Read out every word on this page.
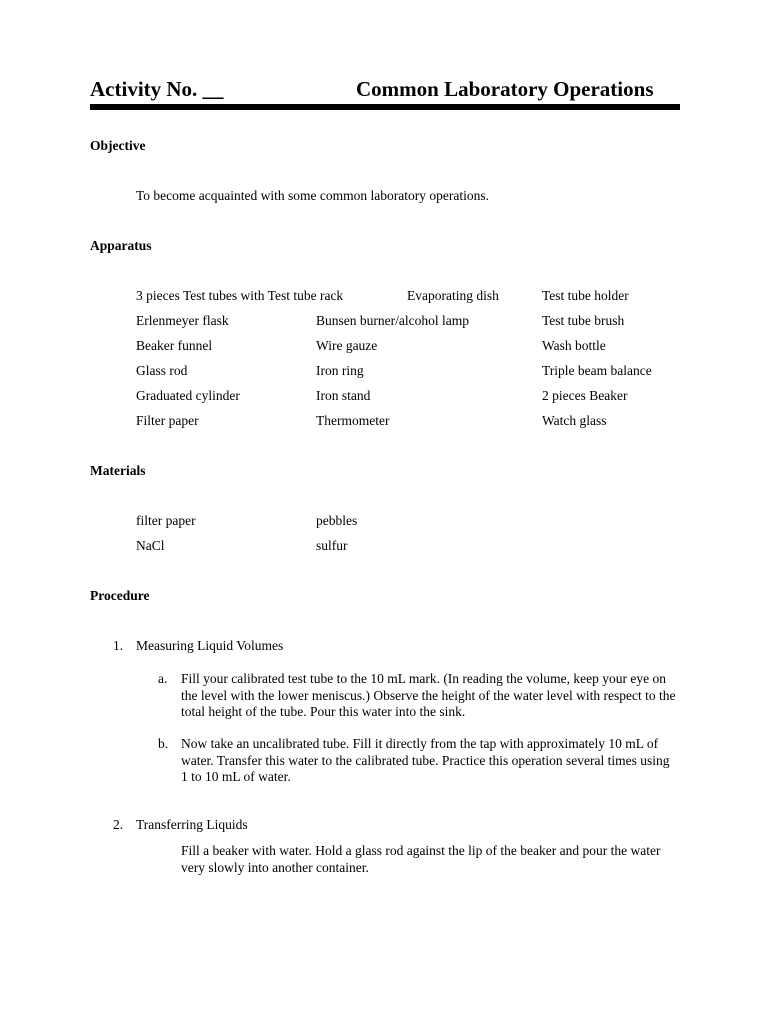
Activity No. __	Common Laboratory Operations
Objective
To become acquainted with some common laboratory operations.
Apparatus
3 pieces Test tubes with Test tube rack
Erlenmeyer flask
Beaker funnel
Glass rod
Graduated cylinder
Filter paper
Evaporating dish
Bunsen burner/alcohol lamp
Wire gauze
Iron ring
Iron stand
Thermometer
Test tube holder
Test tube brush
Wash bottle
Triple beam balance
2 pieces Beaker
Watch glass
Materials
filter paper
NaCl
pebbles
sulfur
Procedure
1. Measuring Liquid Volumes
a. Fill your calibrated test tube to the 10 mL mark. (In reading the volume, keep your eye on the level with the lower meniscus.) Observe the height of the water level with respect to the total height of the tube. Pour this water into the sink.
b. Now take an uncalibrated tube. Fill it directly from the tap with approximately 10 mL of water. Transfer this water to the calibrated tube. Practice this operation several times using 1 to 10 mL of water.
2. Transferring Liquids
Fill a beaker with water. Hold a glass rod against the lip of the beaker and pour the water very slowly into another container.
